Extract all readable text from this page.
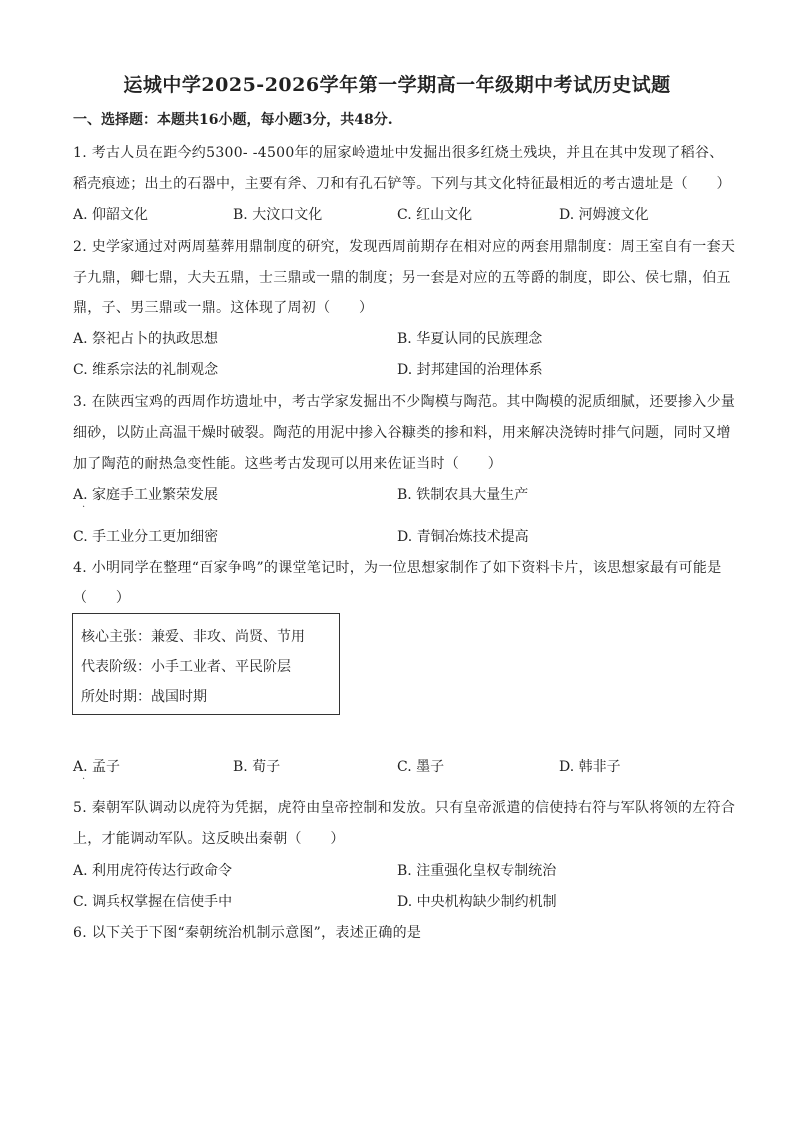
运城中学2025-2026学年第一学期高一年级期中考试历史试题
一、选择题：本题共16小题，每小题3分，共48分.
1. 考古人员在距今约5300- -4500年的屈家岭遗址中发掘出很多红烧土残块，并且在其中发现了稻谷、
稻壳痕迹；出土的石器中，主要有斧、刀和有孔石铲等。下列与其文化特征最相近的考古遗址是（　　）
A. 仰韶文化	B. 大汶口文化	C. 红山文化	D. 河姆渡文化
2. 史学家通过对两周墓葬用鼎制度的研究，发现西周前期存在相对应的两套用鼎制度：周王室自有一套天
子九鼎，卿七鼎，大夫五鼎，士三鼎或一鼎的制度；另一套是对应的五等爵的制度，即公、侯七鼎，伯五
鼎，子、男三鼎或一鼎。这体现了周初（　　）
A. 祭祀占卜的执政思想	B. 华夏认同的民族理念
C. 维系宗法的礼制观念	D. 封邦建国的治理体系
3. 在陕西宝鸡的西周作坊遗址中，考古学家发掘出不少陶模与陶范。其中陶模的泥质细腻，还要掺入少量
细砂，以防止高温干燥时破裂。陶范的用泥中掺入谷糠类的掺和料，用来解决浇铸时排气问题，同时又增
加了陶范的耐热急变性能。这些考古发现可以用来佐证当时（　　）
A. 家庭手工业繁荣发展	B. 铁制农具大量生产
·
C. 手工业分工更加细密	D. 青铜冶炼技术提高
4. 小明同学在整理“百家争鸣”的课堂笔记时，为一位思想家制作了如下资料卡片，该思想家最有可能是
（　　）
核心主张：兼爱、非攻、尚贤、节用
代表阶级：小手工业者、平民阶层
所处时期：战国时期
A. 孟子	B. 荀子	C. 墨子	D. 韩非子
·
5. 秦朝军队调动以虎符为凭据，虎符由皇帝控制和发放。只有皇帝派遣的信使持右符与军队将领的左符合
上，才能调动军队。这反映出秦朝（　　）
A. 利用虎符传达行政命令	B. 注重强化皇权专制统治
C. 调兵权掌握在信使手中	D. 中央机构缺少制约机制
6. 以下关于下图“秦朝统治机制示意图”，表述正确的是
